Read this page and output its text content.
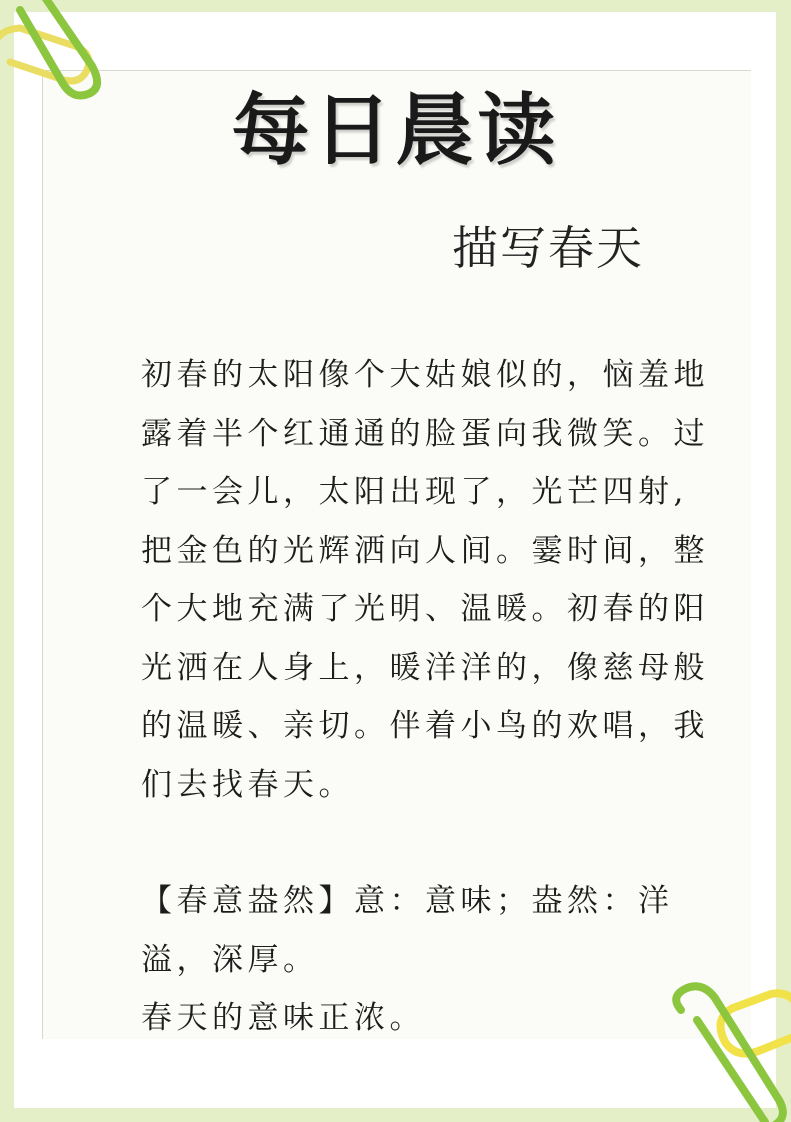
每日晨读
描写春天

初春的太阳像个大姑娘似的，恼羞地露着半个红通通的脸蛋向我微笑。过了一会儿，太阳出现了，光芒四射,把金色的光辉洒向人间。霎时间，整个大地充满了光明、温暖。初春的阳光洒在人身上，暖洋洋的，像慈母般的温暖、亲切。伴着小鸟的欢唱，我们去找春天。

【春意盎然】意：意味；盎然：洋溢，深厚。

春天的意味正浓。
